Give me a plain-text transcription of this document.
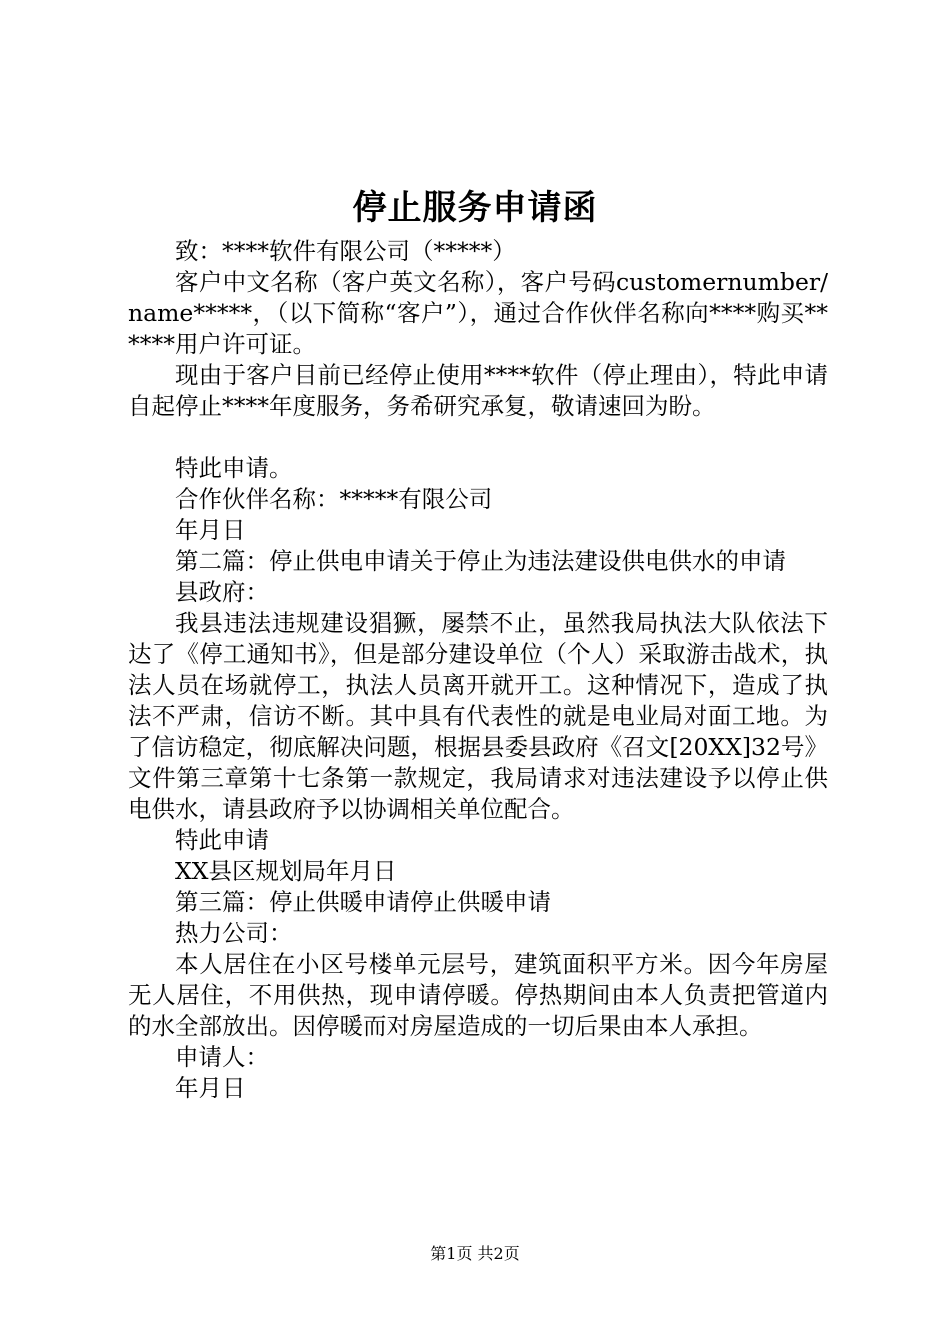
停止服务申请函

致：****软件有限公司（*****）

客户中文名称（客户英文名称），客户号码customernumber/name*****，（以下简称“客户”），通过合作伙伴名称向****购买******用户许可证。

现由于客户目前已经停止使用****软件（停止理由），特此申请自起停止****年度服务，务希研究承复，敬请速回为盼。

特此申请。

合作伙伴名称：*****有限公司

年月日

第二篇：停止供电申请关于停止为违法建设供电供水的申请

县政府：

我县违法违规建设猖獗，屡禁不止，虽然我局执法大队依法下达了《停工通知书》，但是部分建设单位（个人）采取游击战术，执法人员在场就停工，执法人员离开就开工。这种情况下，造成了执法不严肃，信访不断。其中具有代表性的就是电业局对面工地。为了信访稳定，彻底解决问题，根据县委县政府《召文[20XX]32号》文件第三章第十七条第一款规定，我局请求对违法建设予以停止供电供水，请县政府予以协调相关单位配合。

特此申请

XX县区规划局年月日

第三篇：停止供暖申请停止供暖申请

热力公司：

本人居住在小区号楼单元层号，建筑面积平方米。因今年房屋无人居住，不用供热，现申请停暖。停热期间由本人负责把管道内的水全部放出。因停暖而对房屋造成的一切后果由本人承担。

申请人：

年月日

第1页 共2页
